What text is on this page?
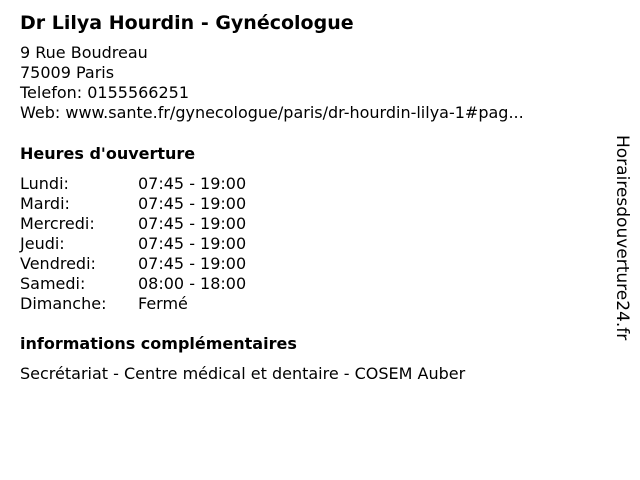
Dr Lilya Hourdin - Gynécologue
9 Rue Boudreau
75009 Paris
Telefon: 0155566251
Web: www.sante.fr/gynecologue/paris/dr-hourdin-lilya-1#pag...
Heures d'ouverture
Lundi:	07:45 - 19:00
Mardi:	07:45 - 19:00
Mercredi:	07:45 - 19:00
Jeudi:	07:45 - 19:00
Vendredi:	07:45 - 19:00
Samedi:	08:00 - 18:00
Dimanche:	Fermé
informations complémentaires
Secrétariat - Centre médical et dentaire - COSEM Auber
Horairesdouverture24.fr
